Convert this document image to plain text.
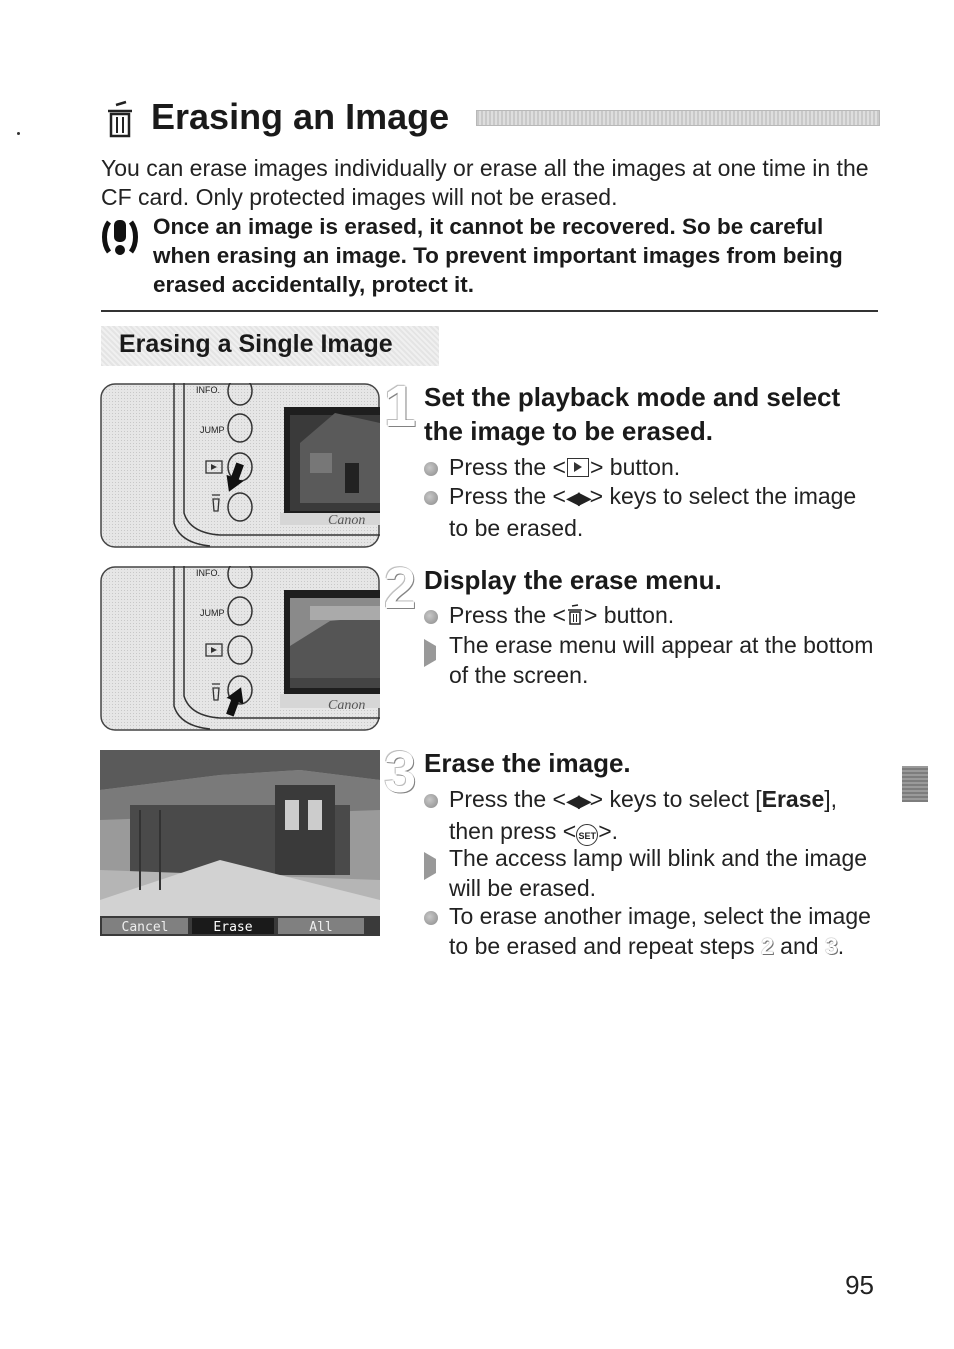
Erasing an Image
You can erase images individually or erase all the images at one time in the CF card. Only protected images will not be erased.
Once an image is erased, it cannot be recovered. So be careful when erasing an image. To prevent important images from being erased accidentally, protect it.
Erasing a Single Image
INFO.
JUMP
Canon
1 Set the playback mode and select the image to be erased.
Press the < > button.
Press the <◀▶> keys to select the image to be erased.
INFO.
JUMP
Canon
2 Display the erase menu.
Press the < > button.
The erase menu will appear at the bottom of the screen.
Cancel	Erase	All
3 Erase the image.
Press the <◀▶> keys to select [Erase], then press < SET>.
The access lamp will blink and the image will be erased.
To erase another image, select the image to be erased and repeat steps 2 and 3.
95
